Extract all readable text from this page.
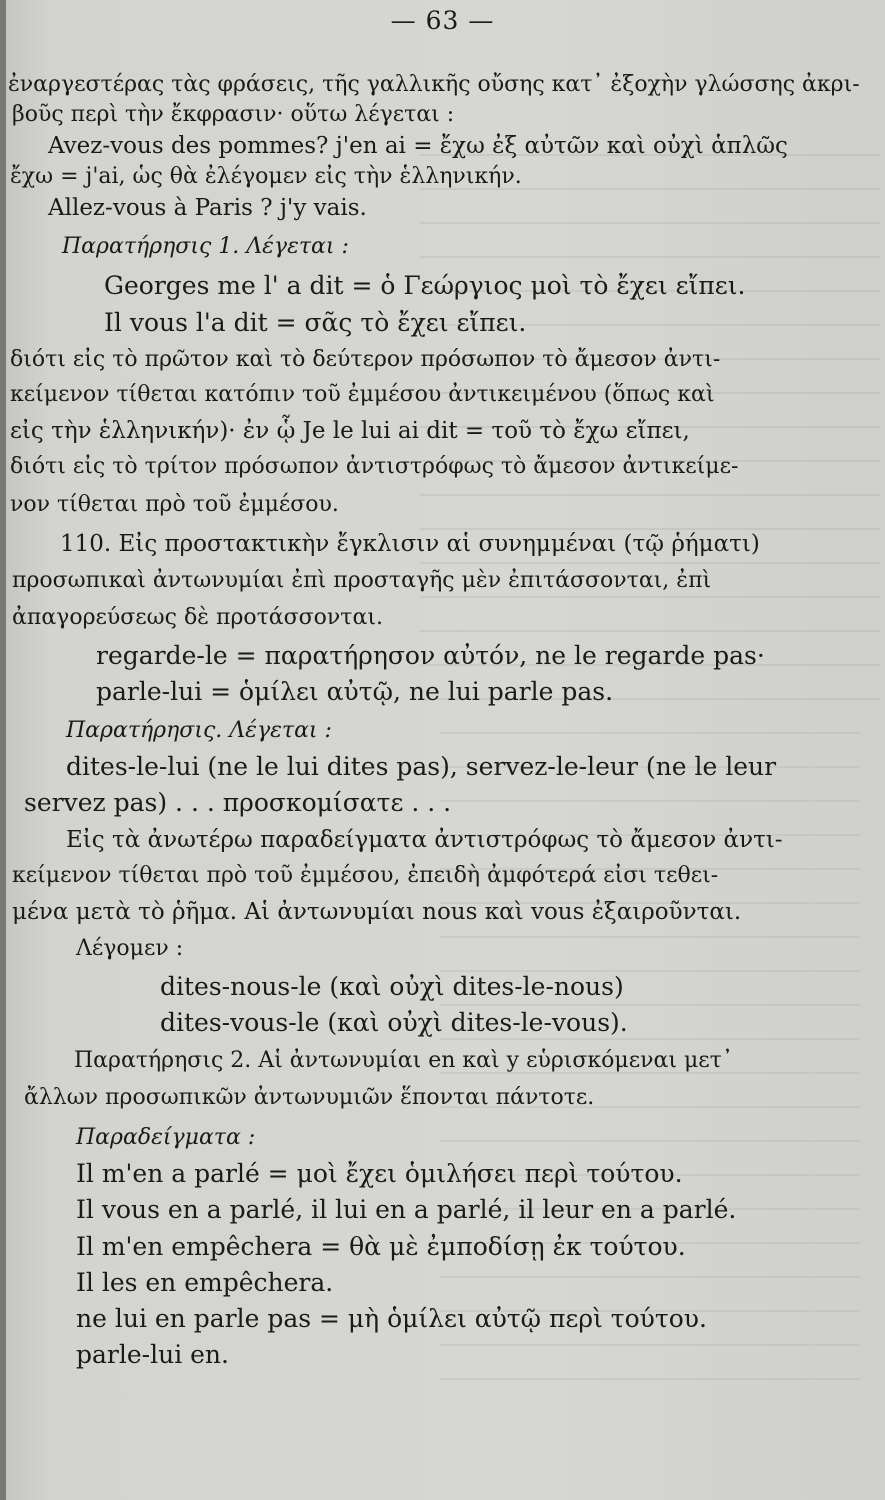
— 63 —
ἐναργεστέρας τὰς φράσεις, τῆς γαλλικῆς οὔσης κατ᾽ ἐξοχὴν γλώσσης ἀκρι-
βοῦς περὶ τὴν ἔκφρασιν· οὕτω λέγεται :
Avez-vous des pommes? j'en ai = ἔχω ἐξ αὐτῶν καὶ οὐχὶ ἁπλῶς
ἔχω = j'ai, ὡς θὰ ἐλέγομεν εἰς τὴν ἑλληνικήν.
Allez-vous à Paris ? j'y vais.
Παρατήρησις 1. Λέγεται :
Georges me l' a dit = ὁ Γεώργιος μοὶ τὸ ἔχει εἴπει.
Il vous l'a dit = σᾶς τὸ ἔχει εἴπει.
διότι εἰς τὸ πρῶτον καὶ τὸ δεύτερον πρόσωπον τὸ ἄμεσον ἀντι-
κείμενον τίθεται κατόπιν τοῦ ἐμμέσου ἀντικειμένου (ὅπως καὶ
εἰς τὴν ἑλληνικήν)· ἐν ᾧ Je le lui ai dit = τοῦ τὸ ἔχω εἴπει,
διότι εἰς τὸ τρίτον πρόσωπον ἀντιστρόφως τὸ ἄμεσον ἀντικείμε-
νον τίθεται πρὸ τοῦ ἐμμέσου.
110. Εἰς προστακτικὴν ἔγκλισιν αἱ συνημμέναι (τῷ ῥήματι)
προσωπικαὶ ἀντωνυμίαι ἐπὶ προσταγῆς μὲν ἐπιτάσσονται, ἐπὶ
ἀπαγορεύσεως δὲ προτάσσονται.
regarde-le = παρατήρησον αὐτόν, ne le regarde pas·
parle-lui = ὁμίλει αὐτῷ, ne lui parle pas.
Παρατήρησις. Λέγεται :
dites-le-lui (ne le lui dites pas), servez-le-leur (ne le leur
servez pas) . . . προσκομίσατε . . .
Εἰς τὰ ἀνωτέρω παραδείγματα ἀντιστρόφως τὸ ἄμεσον ἀντι-
κείμενον τίθεται πρὸ τοῦ ἐμμέσου, ἐπειδὴ ἀμφότερά εἰσι τεθει-
μένα μετὰ τὸ ῥῆμα. Αἱ ἀντωνυμίαι nous καὶ vous ἐξαιροῦνται.
Λέγομεν :
dites-nous-le (καὶ οὐχὶ dites-le-nous)
dites-vous-le (καὶ οὐχὶ dites-le-vous).
Παρατήρησις 2. Αἱ ἀντωνυμίαι en καὶ y εὑρισκόμεναι μετ᾽
ἄλλων προσωπικῶν ἀντωνυμιῶν ἕπονται πάντοτε.
Παραδείγματα :
Il m'en a parlé = μοὶ ἔχει ὁμιλήσει περὶ τούτου.
Il vous en a parlé, il lui en a parlé, il leur en a parlé.
Il m'en empêchera = θὰ μὲ ἐμποδίσῃ ἐκ τούτου.
Il les en empêchera.
ne lui en parle pas = μὴ ὁμίλει αὐτῷ περὶ τούτου.
parle-lui en.
